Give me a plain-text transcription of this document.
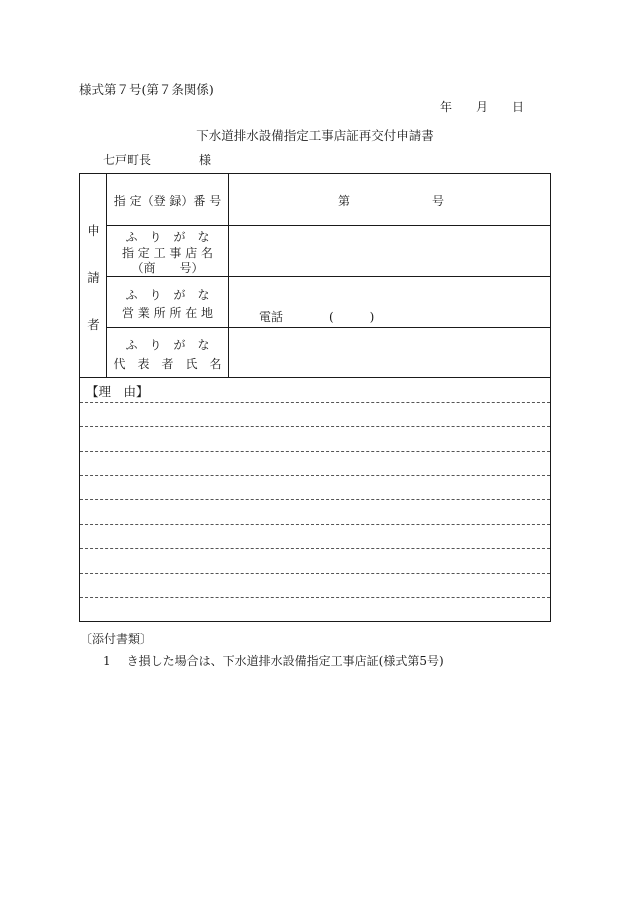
様式第７号(第７条関係)
年 月 日
下水道排水設備指定工事店証再交付申請書
七戸町長	様
申
請
者
指 定（登 録）番 号	第	号
ふ　り　が　な
指 定 工 事 店 名
（商　　号）
ふ　り　が　な
営 業 所 所 在 地	電話	(　　　)
ふ　り　が　な
代　表　者　氏　名
【理　由】
〔添付書類〕
1 き損した場合は、下水道排水設備指定工事店証(様式第5号)
